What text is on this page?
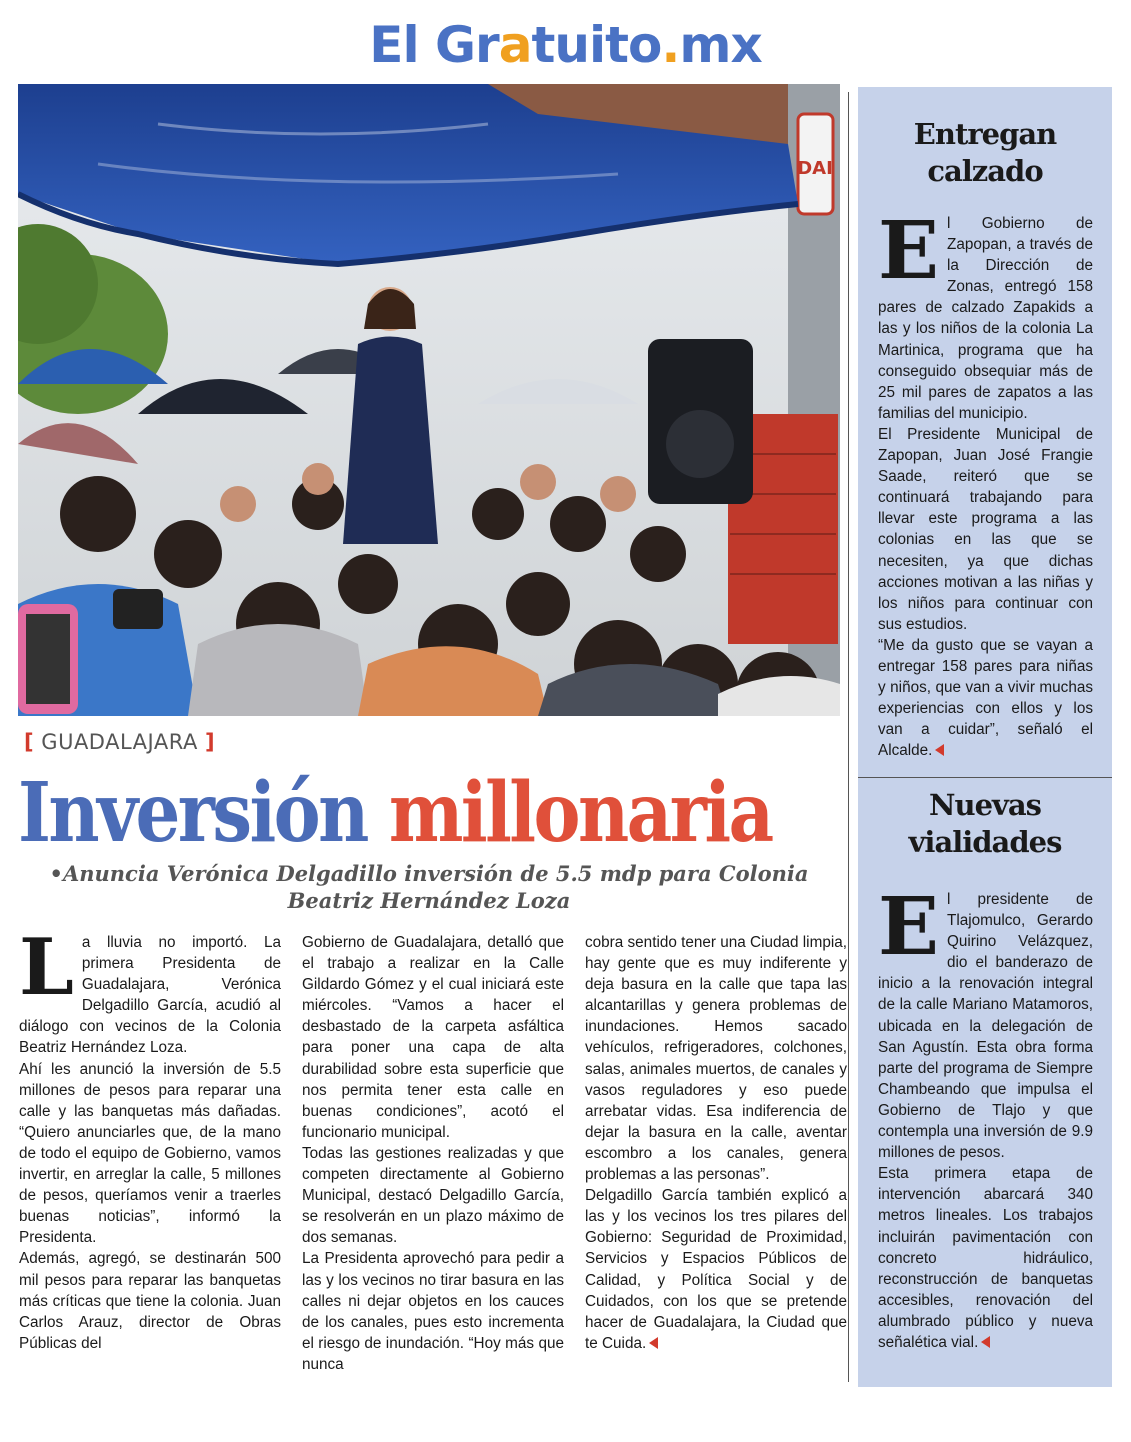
El Gratuito.mx
DAI
[ GUADALAJARA ]
Inversión millonaria
•Anuncia Verónica Delgadillo inversión de 5.5 mdp para Colonia Beatriz Hernández Loza
L a lluvia no importó. La primera Presidenta de Guadalajara, Verónica Delgadillo García, acudió al diálogo con vecinos de la Colonia Beatriz Hernández Loza.

Ahí les anunció la inversión de 5.5 millones de pesos para reparar una calle y las banquetas más dañadas. “Quiero anunciarles que, de la mano de todo el equipo de Gobierno, vamos invertir, en arreglar la calle, 5 millones de pesos, queríamos venir a traerles buenas noticias”, informó la Presidenta.

Además, agregó, se destinarán 500 mil pesos para reparar las banquetas más críticas que tiene la colonia. Juan Carlos Arauz, director de Obras Públicas del

Gobierno de Guadalajara, detalló que el trabajo a realizar en la Calle Gildardo Gómez y el cual iniciará este miércoles. “Vamos a hacer el desbastado de la carpeta asfáltica para poner una capa de alta durabilidad sobre esta superficie que nos permita tener esta calle en buenas condiciones”, acotó el funcionario municipal.

Todas las gestiones realizadas y que competen directamente al Gobierno Municipal, destacó Delgadillo García, se resolverán en un plazo máximo de dos semanas.

La Presidenta aprovechó para pedir a las y los vecinos no tirar basura en las calles ni dejar objetos en los cauces de los canales, pues esto incrementa el riesgo de inundación. “Hoy más que nunca

cobra sentido tener una Ciudad limpia, hay gente que es muy indiferente y deja basura en la calle que tapa las alcantarillas y genera problemas de inundaciones. Hemos sacado vehículos, refrigeradores, colchones, salas, animales muertos, de canales y vasos reguladores y eso puede arrebatar vidas. Esa indiferencia de dejar la basura en la calle, aventar escombro a los canales, genera problemas a las personas”.

Delgadillo García también explicó a las y los vecinos los tres pilares del Gobierno: Seguridad de Proximidad, Servicios y Espacios Públicos de Calidad, y Política Social y de Cuidados, con los que se pretende hacer de Guadalajara, la Ciudad que te Cuida.

Entregan calzado
E l Gobierno de Zapopan, a través de la Dirección de Zonas, entregó 158 pares de calzado Zapakids a las y los niños de la colonia La Martinica, programa que ha conseguido obsequiar más de 25 mil pares de zapatos a las familias del municipio.

El Presidente Municipal de Zapopan, Juan José Frangie Saade, reiteró que se continuará trabajando para llevar este programa a las colonias en las que se necesiten, ya que dichas acciones motivan a las niñas y los niños para continuar con sus estudios.

“Me da gusto que se vayan a entregar 158 pares para niñas y niños, que van a vivir muchas experiencias con ellos y los van a cuidar”, señaló el Alcalde.

Nuevas vialidades
E l presidente de Tlajomulco, Gerardo Quirino Velázquez, dio el banderazo de inicio a la renovación integral de la calle Mariano Matamoros, ubicada en la delegación de San Agustín. Esta obra forma parte del programa de Siempre Chambeando que impulsa el Gobierno de Tlajo y que contempla una inversión de 9.9 millones de pesos.

Esta primera etapa de intervención abarcará 340 metros lineales. Los trabajos incluirán pavimentación con concreto hidráulico, reconstrucción de banquetas accesibles, renovación del alumbrado público y nueva señalética vial.
